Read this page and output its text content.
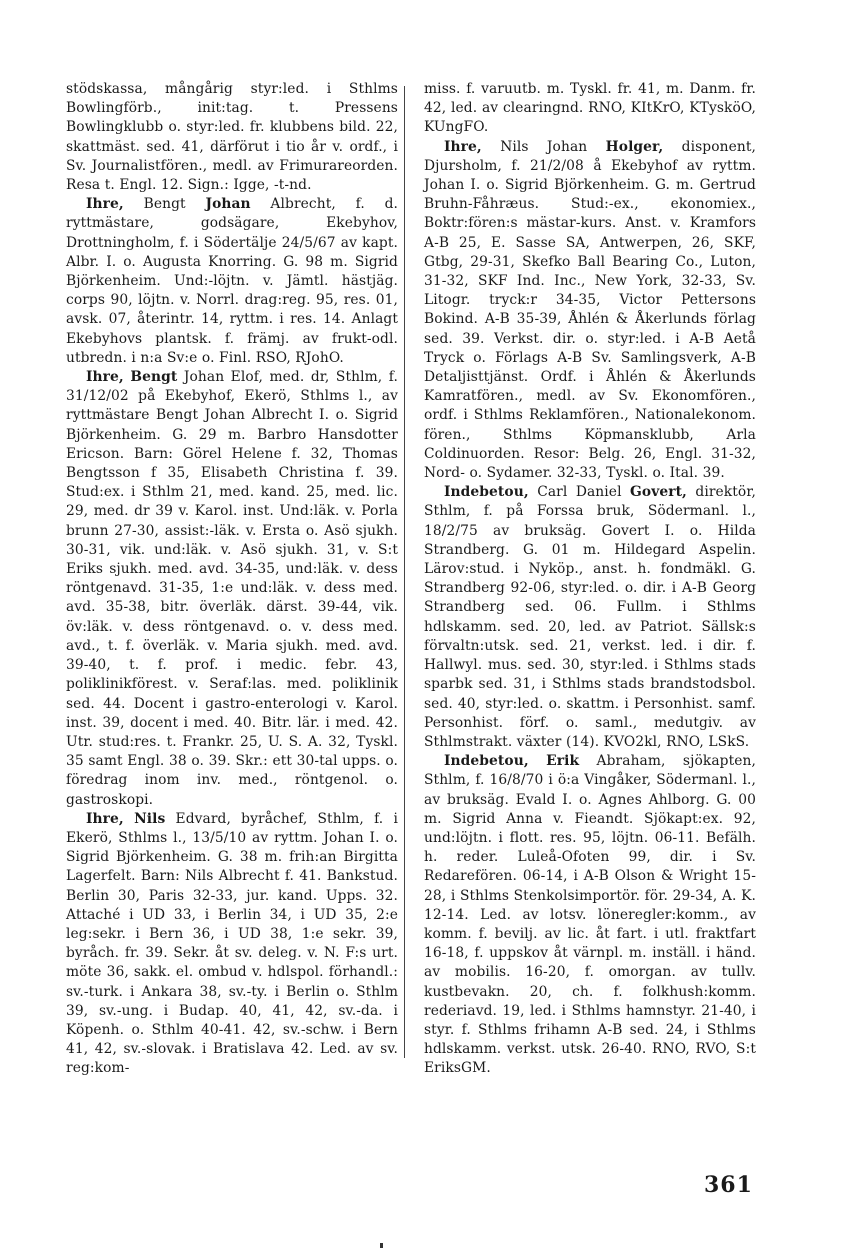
stödskassa, mångårig styr:led. i Sthlms Bowlingförb., init:tag. t. Pressens Bowlingklubb o. styr:led. fr. klubbens bild. 22, skattmäst. sed. 41, därförut i tio år v. ordf., i Sv. Journalistfören., medl. av Frimurareorden. Resa t. Engl. 12. Sign.: Igge, -t-nd.

Ihre, Bengt Johan Albrecht, f. d. ryttmästare, godsägare, Ekebyhov, Drottningholm, f. i Södertälje 24/5/67 av kapt. Albr. I. o. Augusta Knorring. G. 98 m. Sigrid Björkenheim. Und:-löjtn. v. Jämtl. hästjäg. corps 90, löjtn. v. Norrl. drag:reg. 95, res. 01, avsk. 07, återintr. 14, ryttm. i res. 14. Anlagt Ekebyhovs plantsk. f. främj. av frukt-odl. utbredn. i n:a Sv:e o. Finl. RSO, RJohO.

Ihre, Bengt Johan Elof, med. dr, Sthlm, f. 31/12/02 på Ekebyhof, Ekerö, Sthlms l., av ryttmästare Bengt Johan Albrecht I. o. Sigrid Björkenheim. G. 29 m. Barbro Hansdotter Ericson. Barn: Görel Helene f. 32, Thomas Bengtsson f 35, Elisabeth Christina f. 39. Stud:ex. i Sthlm 21, med. kand. 25, med. lic. 29, med. dr 39 v. Karol. inst. Und:läk. v. Porla brunn 27-30, assist:-läk. v. Ersta o. Asö sjukh. 30-31, vik. und:läk. v. Asö sjukh. 31, v. S:t Eriks sjukh. med. avd. 34-35, und:läk. v. dess röntgenavd. 31-35, 1:e und:läk. v. dess med. avd. 35-38, bitr. överläk. därst. 39-44, vik. öv:läk. v. dess röntgenavd. o. v. dess med. avd., t. f. överläk. v. Maria sjukh. med. avd. 39-40, t. f. prof. i medic. febr. 43, poliklinikförest. v. Seraf:las. med. poliklinik sed. 44. Docent i gastro-enterologi v. Karol. inst. 39, docent i med. 40. Bitr. lär. i med. 42. Utr. stud:res. t. Frankr. 25, U. S. A. 32, Tyskl. 35 samt Engl. 38 o. 39. Skr.: ett 30-tal upps. o. föredrag inom inv. med., röntgenol. o. gastroskopi.

Ihre, Nils Edvard, byråchef, Sthlm, f. i Ekerö, Sthlms l., 13/5/10 av ryttm. Johan I. o. Sigrid Björkenheim. G. 38 m. frih:an Birgitta Lagerfelt. Barn: Nils Albrecht f. 41. Bankstud. Berlin 30, Paris 32-33, jur. kand. Upps. 32. Attaché i UD 33, i Berlin 34, i UD 35, 2:e leg:sekr. i Bern 36, i UD 38, 1:e sekr. 39, byråch. fr. 39. Sekr. åt sv. deleg. v. N. F:s urt. möte 36, sakk. el. ombud v. hdlspol. förhandl.: sv.-turk. i Ankara 38, sv.-ty. i Berlin o. Sthlm 39, sv.-ung. i Budap. 40, 41, 42, sv.-da. i Köpenh. o. Sthlm 40-41. 42, sv.-schw. i Bern 41, 42, sv.-slovak. i Bratislava 42. Led. av sv. reg:kom-

miss. f. varuutb. m. Tyskl. fr. 41, m. Danm. fr. 42, led. av clearingnd. RNO, KItKrO, KTysköO, KUngFO.

Ihre, Nils Johan Holger, disponent, Djursholm, f. 21/2/08 å Ekebyhof av ryttm. Johan I. o. Sigrid Björkenheim. G. m. Gertrud Bruhn-Fåhræus. Stud:-ex., ekonomiex., Boktr:fören:s mästar-kurs. Anst. v. Kramfors A-B 25, E. Sasse SA, Antwerpen, 26, SKF, Gtbg, 29-31, Skefko Ball Bearing Co., Luton, 31-32, SKF Ind. Inc., New York, 32-33, Sv. Litogr. tryck:r 34-35, Victor Pettersons Bokind. A-B 35-39, Åhlén & Åkerlunds förlag sed. 39. Verkst. dir. o. styr:led. i A-B Aetå Tryck o. Förlags A-B Sv. Samlingsverk, A-B Detaljisttjänst. Ordf. i Åhlén & Åkerlunds Kamratfören., medl. av Sv. Ekonomfören., ordf. i Sthlms Reklamfören., Nationalekonom. fören., Sthlms Köpmansklubb, Arla Coldinuorden. Resor: Belg. 26, Engl. 31-32, Nord- o. Sydamer. 32-33, Tyskl. o. Ital. 39.

Indebetou, Carl Daniel Govert, direktör, Sthlm, f. på Forssa bruk, Södermanl. l., 18/2/75 av bruksäg. Govert I. o. Hilda Strandberg. G. 01 m. Hildegard Aspelin. Lärov:stud. i Nyköp., anst. h. fondmäkl. G. Strandberg 92-06, styr:led. o. dir. i A-B Georg Strandberg sed. 06. Fullm. i Sthlms hdlskamm. sed. 20, led. av Patriot. Sällsk:s förvaltn:utsk. sed. 21, verkst. led. i dir. f. Hallwyl. mus. sed. 30, styr:led. i Sthlms stads sparbk sed. 31, i Sthlms stads brandstodsbol. sed. 40, styr:led. o. skattm. i Personhist. samf. Personhist. förf. o. saml., medutgiv. av Sthlmstrakt. växter (14). KVO2kl, RNO, LSkS.

Indebetou, Erik Abraham, sjökapten, Sthlm, f. 16/8/70 i ö:a Vingåker, Södermanl. l., av bruksäg. Evald I. o. Agnes Ahlborg. G. 00 m. Sigrid Anna v. Fieandt. Sjökapt:ex. 92, und:löjtn. i flott. res. 95, löjtn. 06-11. Befälh. h. reder. Luleå-Ofoten 99, dir. i Sv. Redarefören. 06-14, i A-B Olson & Wright 15-28, i Sthlms Stenkolsimportör. för. 29-34, A. K. 12-14. Led. av lotsv. löneregler:komm., av komm. f. bevilj. av lic. åt fart. i utl. fraktfart 16-18, f. uppskov åt värnpl. m. inställ. i händ. av mobilis. 16-20, f. omorgan. av tullv. kustbevakn. 20, ch. f. folkhush:komm. rederiavd. 19, led. i Sthlms hamnstyr. 21-40, i styr. f. Sthlms frihamn A-B sed. 24, i Sthlms hdlskamm. verkst. utsk. 26-40. RNO, RVO, S:t EriksGM.

361
